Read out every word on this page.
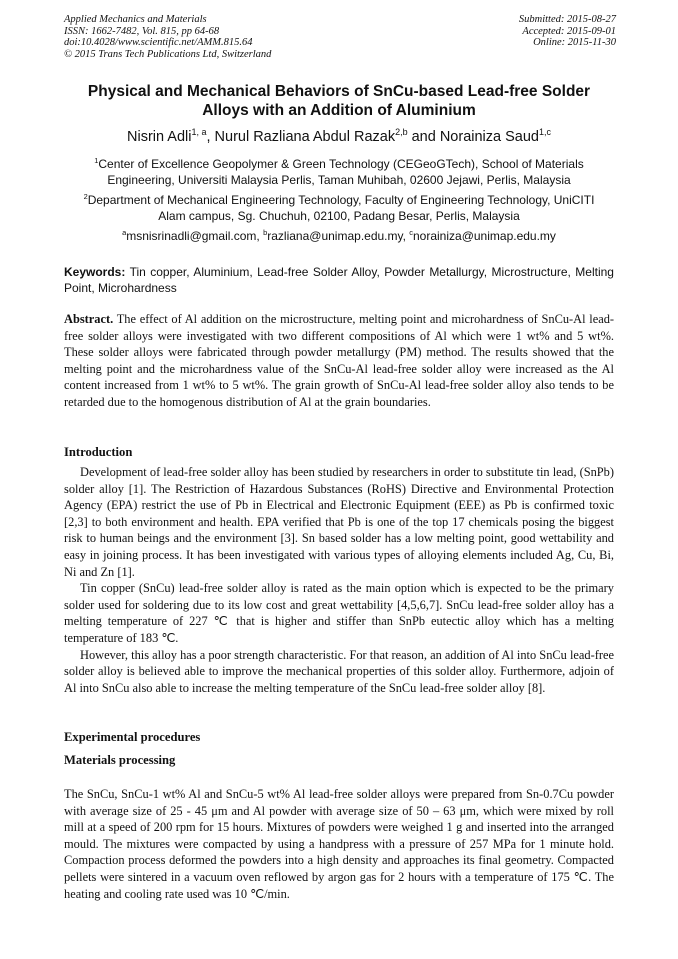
Applied Mechanics and Materials
ISSN: 1662-7482, Vol. 815, pp 64-68
doi:10.4028/www.scientific.net/AMM.815.64
© 2015 Trans Tech Publications Ltd, Switzerland
Submitted: 2015-08-27
Accepted: 2015-09-01
Online: 2015-11-30
Physical and Mechanical Behaviors of SnCu-based Lead-free Solder
Alloys with an Addition of Aluminium
Nisrin Adli$^{1, a}$, Nurul Razliana Abdul Razak$^{2,b}$ and Norainiza Saud$^{1,c}$
$^1$Center of Excellence Geopolymer & Green Technology (CEGeoGTech), School of Materials
Engineering, Universiti Malaysia Perlis, Taman Muhibah, 02600 Jejawi, Perlis, Malaysia
$^2$Department of Mechanical Engineering Technology, Faculty of Engineering Technology, UniCITI
Alam campus, Sg. Chuchuh, 02100, Padang Besar, Perlis, Malaysia
$^a$msnisrinadli@gmail.com, $^b$razliana@unimap.edu.my, $^c$norainiza@unimap.edu.my
Keywords: Tin copper, Aluminium, Lead-free Solder Alloy, Powder Metallurgy, Microstructure, Melting Point, Microhardness

Abstract. The effect of Al addition on the microstructure, melting point and microhardness of SnCu-Al lead-free solder alloys were investigated with two different compositions of Al which were 1 wt% and 5 wt%. These solder alloys were fabricated through powder metallurgy (PM) method. The results showed that the melting point and the microhardness value of the SnCu-Al lead-free solder alloy were increased as the Al content increased from 1 wt% to 5 wt%. The grain growth of SnCu-Al lead-free solder alloy also tends to be retarded due to the homogenous distribution of Al at the grain boundaries.

Introduction

Development of lead-free solder alloy has been studied by researchers in order to substitute tin lead, (SnPb) solder alloy [1]. The Restriction of Hazardous Substances (RoHS) Directive and Environmental Protection Agency (EPA) restrict the use of Pb in Electrical and Electronic Equipment (EEE) as Pb is confirmed toxic [2,3] to both environment and health. EPA verified that Pb is one of the top 17 chemicals posing the biggest risk to human beings and the environment [3]. Sn based solder has a low melting point, good wettability and easy in joining process. It has been investigated with various types of alloying elements included Ag, Cu, Bi, Ni and Zn [1].

Tin copper (SnCu) lead-free solder alloy is rated as the main option which is expected to be the primary solder used for soldering due to its low cost and great wettability [4,5,6,7]. SnCu lead-free solder alloy has a melting temperature of 227 ℃ that is higher and stiffer than SnPb eutectic alloy which has a melting temperature of 183 ℃.

However, this alloy has a poor strength characteristic. For that reason, an addition of Al into SnCu lead-free solder alloy is believed able to improve the mechanical properties of this solder alloy. Furthermore, adjoin of Al into SnCu also able to increase the melting temperature of the SnCu lead-free solder alloy [8].

Experimental procedures
Materials processing

The SnCu, SnCu-1 wt% Al and SnCu-5 wt% Al lead-free solder alloys were prepared from Sn-0.7Cu powder with average size of 25 - 45 μm and Al powder with average size of 50 – 63 μm, which were mixed by roll mill at a speed of 200 rpm for 15 hours. Mixtures of powders were weighed 1 g and inserted into the arranged mould. The mixtures were compacted by using a handpress with a pressure of 257 MPa for 1 minute hold. Compaction process deformed the powders into a high density and approaches its final geometry. Compacted pellets were sintered in a vacuum oven reflowed by argon gas for 2 hours with a temperature of 175 ℃. The heating and cooling rate used was 10 ℃/min.
